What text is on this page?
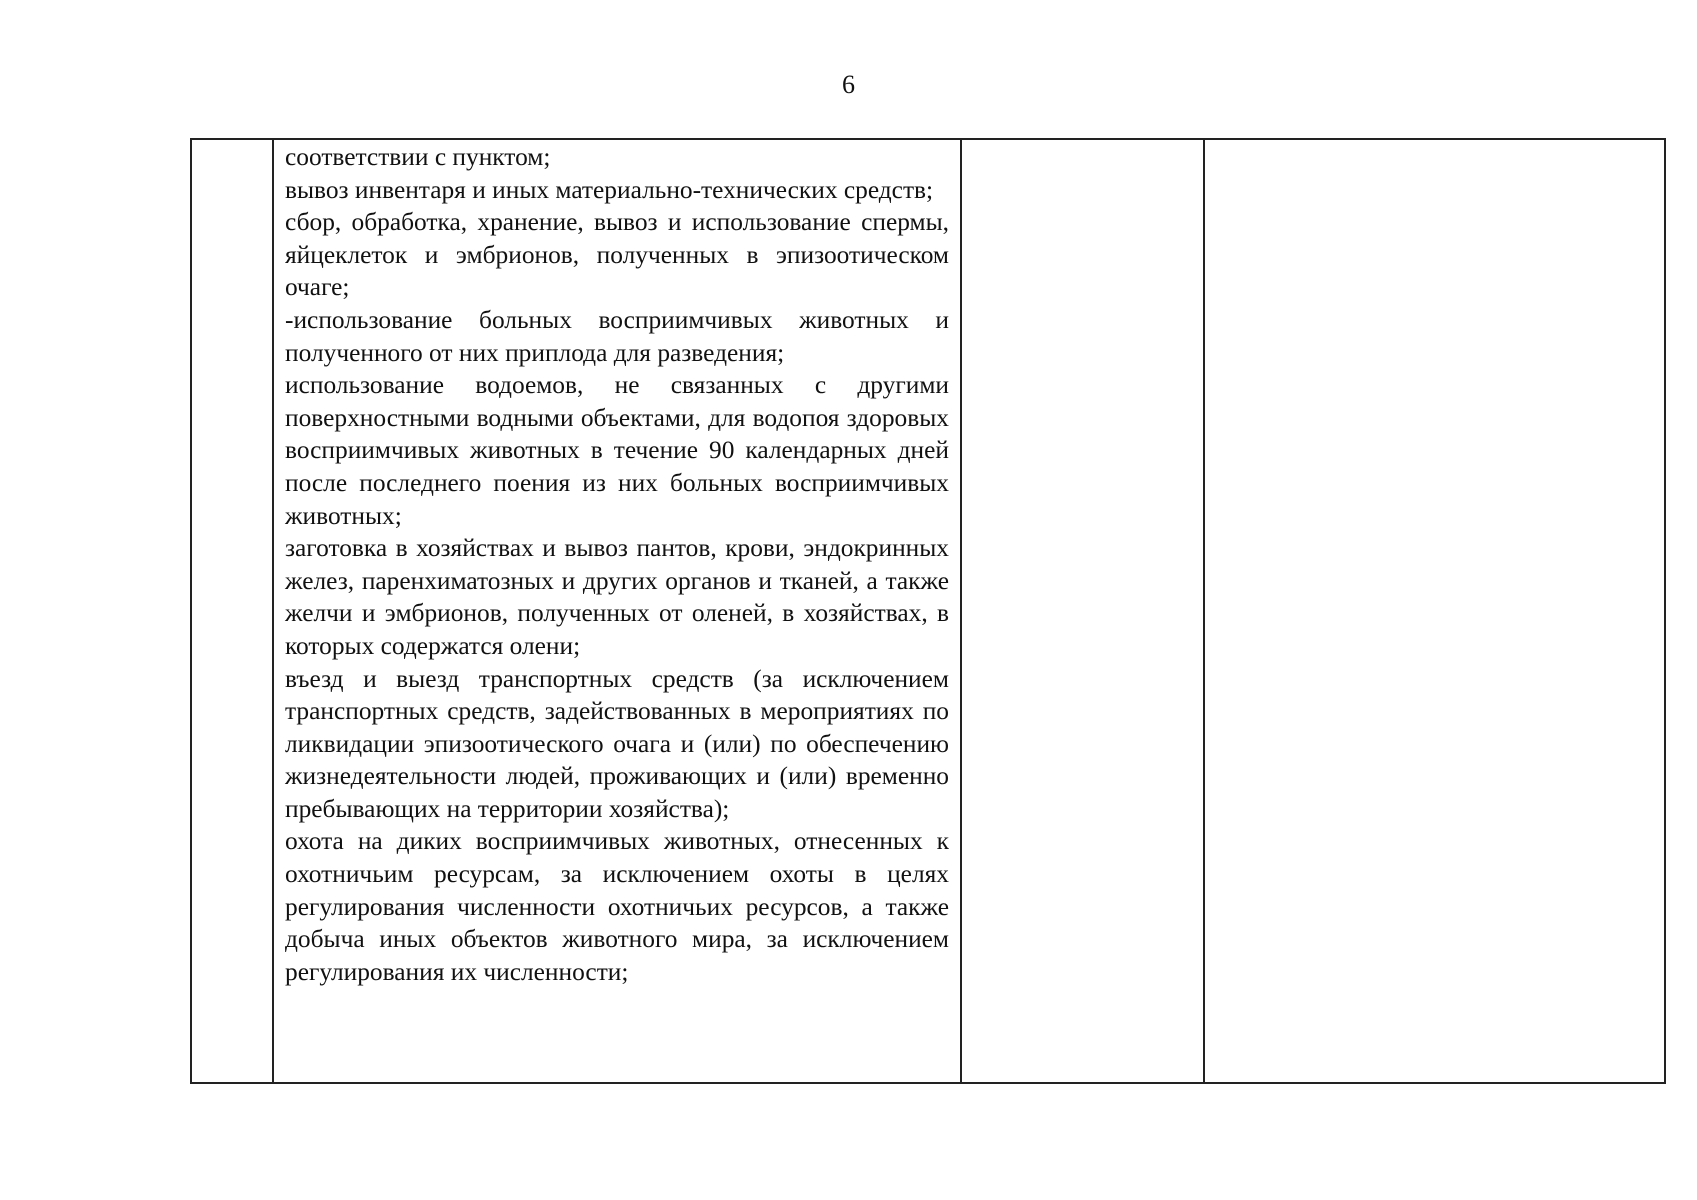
6

соответствии с пунктом;

вывоз инвентаря и иных материально-технических средств;

сбор, обработка, хранение, вывоз и использование спермы, яйцеклеток и эмбрионов, полученных в эпизоотическом очаге;

-использование больных восприимчивых животных и полученного от них приплода для разведения;

использование водоемов, не связанных с другими поверхностными водными объектами, для водопоя здоровых восприимчивых животных в течение 90 календарных дней после последнего поения из них больных восприимчивых животных;

заготовка в хозяйствах и вывоз пантов, крови, эндокринных желез, паренхиматозных и других органов и тканей, а также желчи и эмбрионов, полученных от оленей, в хозяйствах, в которых содержатся олени;

въезд и выезд транспортных средств (за исключением транспортных средств, задействованных в мероприятиях по ликвидации эпизоотического очага и (или) по обеспечению жизнедеятельности людей, проживающих и (или) временно пребывающих на территории хозяйства);

охота на диких восприимчивых животных, отнесенных к охотничьим ресурсам, за исключением охоты в целях регулирования численности охотничьих ресурсов, а также добыча иных объектов животного мира, за исключением регулирования их численности;
